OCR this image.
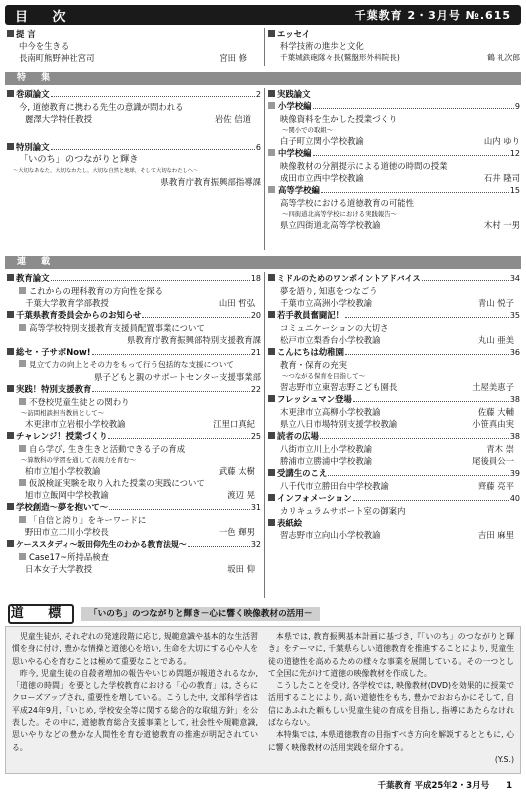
目 次	千葉教育 2・3月号 №.615
提 言
中今を生きる
長南町熊野神社宮司	宮田 修
エッセイ
科学技術の進歩と文化
千葉城鉄砲隊々長(鷲盤形外科院長)	鶴 礼次郎
特 集
巻頭論文	2
今, 道徳教育に携わる先生の意識が問われる
麗澤大学特任教授	岩佐 信道
特別論文	6
「いのち」のつながりと輝き
～大切なあなた，大切なわたし，大切な自然と地球，そして大切なわたしへ～
県教育庁教育振興部指導課
実践論文
小学校編	9
映像資料を生かした授業づくり
～関小での取組～
白子町立関小学校教諭	山内 ゆり
中学校編	12
映像教材の分割提示による道徳の時間の授業
成田市立西中学校教諭	石井 隆司
高等学校編	15
高等学校における道徳教育の可能性
～四街道北高等学校における実践報告～
県立四街道北高等学校教諭	木村 一男
連 載
教育論文	18
これからの理科教育の方向性を探る
千葉大学教育学部教授	山田 哲弘
千葉県教育委員会からのお知らせ	20
高等学校特別支援教育支援員配置事業について
県教育庁教育振興部特別支援教育課
総セ・子サポNow!	21
見立て力の向上とその力をもって行う包括的な支援について
県子どもと親のサポートセンター支援事業部
実践！特別支援教育	22
不登校児童生徒との関わり
～訪問相談担当教員として～
木更津市立岩根小学校教諭	江里口真紀
チャレンジ！授業づくり	25
自ら学び, 生き生きと活動できる子の育成
～算数科の学習を通して表現力を育む～
柏市立旭小学校教諭	武藤 太樹
仮説検証実験を取り入れた授業の実践について
旭市立飯岡中学校教諭	渡辺 晃
学校創造～夢を抱いて～	31
「自信と誇り」をキーワードに
野田市立二川小学校長	一色 輝男
ケーススタディ～坂田仰先生のわかる教育法規～	32
Case17~所持品検査
日本女子大学教授	坂田 仰
ミドルのためのワンポイントアドバイス	34
夢を語り, 知恵をつなごう
千葉市立高洲小学校教諭	青山 悦子
若手教員奮闘記！	35
コミュニケーションの大切さ
松戸市立梨香台小学校教諭	丸山 亜美
こんにちは幼稚園	36
教育・保育の充実
～つながる保育を目指して～
習志野市立東習志野こども園長	土屋美恵子
フレッシュマン登場	38
木更津市立高柳小学校教諭	佐藤 大輔
県立八日市場特別支援学校教諭	小笹真由実
読者の広場	38
八街市立川上小学校教諭	青木 崇
勝浦市立勝浦中学校教諭	尾後員公一
受講生のこえ	39
八千代市立勝田台中学校教諭	齊藤 亮平
インフォメーション	40
カリキュラムサポート室の御案内
表紙絵
習志野市立向山小学校教諭	吉田 麻里
道 標	「いのち」のつながりと輝き－心に響く映像教材の活用－

児童生徒が, それぞれの発達段階に応じ, 規範意識や基本的な生活習慣を身に付け, 豊かな情操と道徳心を培い, 生命を大切にする心や人を思いやる心を育むことは極めて重要なことである。

昨今, 児童生徒の自殺者増加の報告やいじめ問題が報道されるなか,「道徳の時間」を要とした学校教育における「心の教育」は, さらにクローズアップされ, 重要性を増している。こうした中, 文部科学省は平成24年9月,「いじめ, 学校安全等に関する総合的な取組方針」を公表した。その中に, 道徳教育総合支援事業として, 社会性や規範意識, 思いやりなどの豊かな人間性を育む道徳教育の推進が明記されている。

本県では, 教育振興基本計画に基づき,『「いのち」のつながりと輝き』をテーマに, 千葉県らしい道徳教育を推進することにより, 児童生徒の道徳性を高めるための様々な事業を展開している。その一つとして全国に先がけて道徳の映像教材を作成した。

こうしたことを受け, 各学校では, 映像教材(DVD)を効果的に授業で活用することにより, 高い道徳性をもち, 豊かでおおらかにそして, 自信にあふれた頼もしい児童生徒の育成を目指し, 指導にあたらなければならない。

本特集では, 本県道徳教育の目指すべき方向を解説するとともに, 心に響く映像教材の活用実践を紹介する。

(Y.S.)

千葉教育 平成25年2・3月号 1
